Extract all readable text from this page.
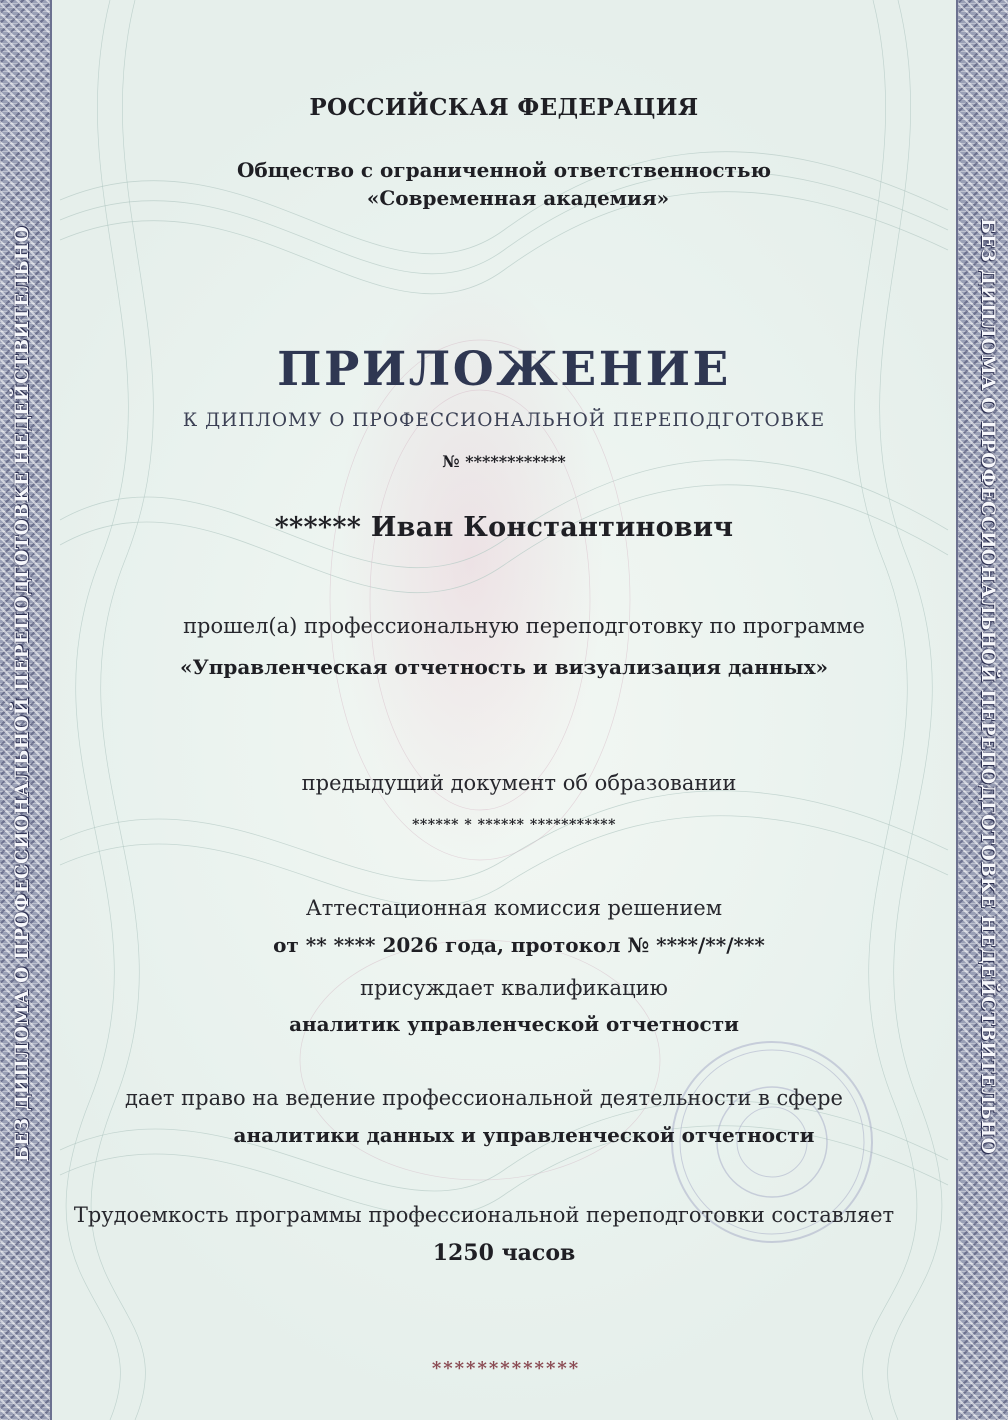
БЕЗ ДИПЛОМА О ПРОФЕССИОНАЛЬНОЙ ПЕРЕПОДГОТОВКЕ НЕДЕЙСТВИТЕЛЬНО	БЕЗ ДИПЛОМА О ПРОФЕССИОНАЛЬНОЙ ПЕРЕПОДГОТОВКЕ НЕДЕЙСТВИТЕЛЬНО
РОССИЙСКАЯ ФЕДЕРАЦИЯ
Общество с ограниченной ответственностью
«Современная академия»
ПРИЛОЖЕНИЕ
К ДИПЛОМУ О ПРОФЕССИОНАЛЬНОЙ ПЕРЕПОДГОТОВКЕ
№ ************
****** Иван Константинович
прошел(а) профессиональную переподготовку по программе
«Управленческая отчетность и визуализация данных»
предыдущий документ об образовании
****** * ****** ***********
Аттестационная комиссия решением
от ** **** 2026 года, протокол № ****/**/***
присуждает квалификацию
аналитик управленческой отчетности
дает право на ведение профессиональной деятельности в сфере
аналитики данных и управленческой отчетности
Трудоемкость программы профессиональной переподготовки составляет
1250 часов
*************
